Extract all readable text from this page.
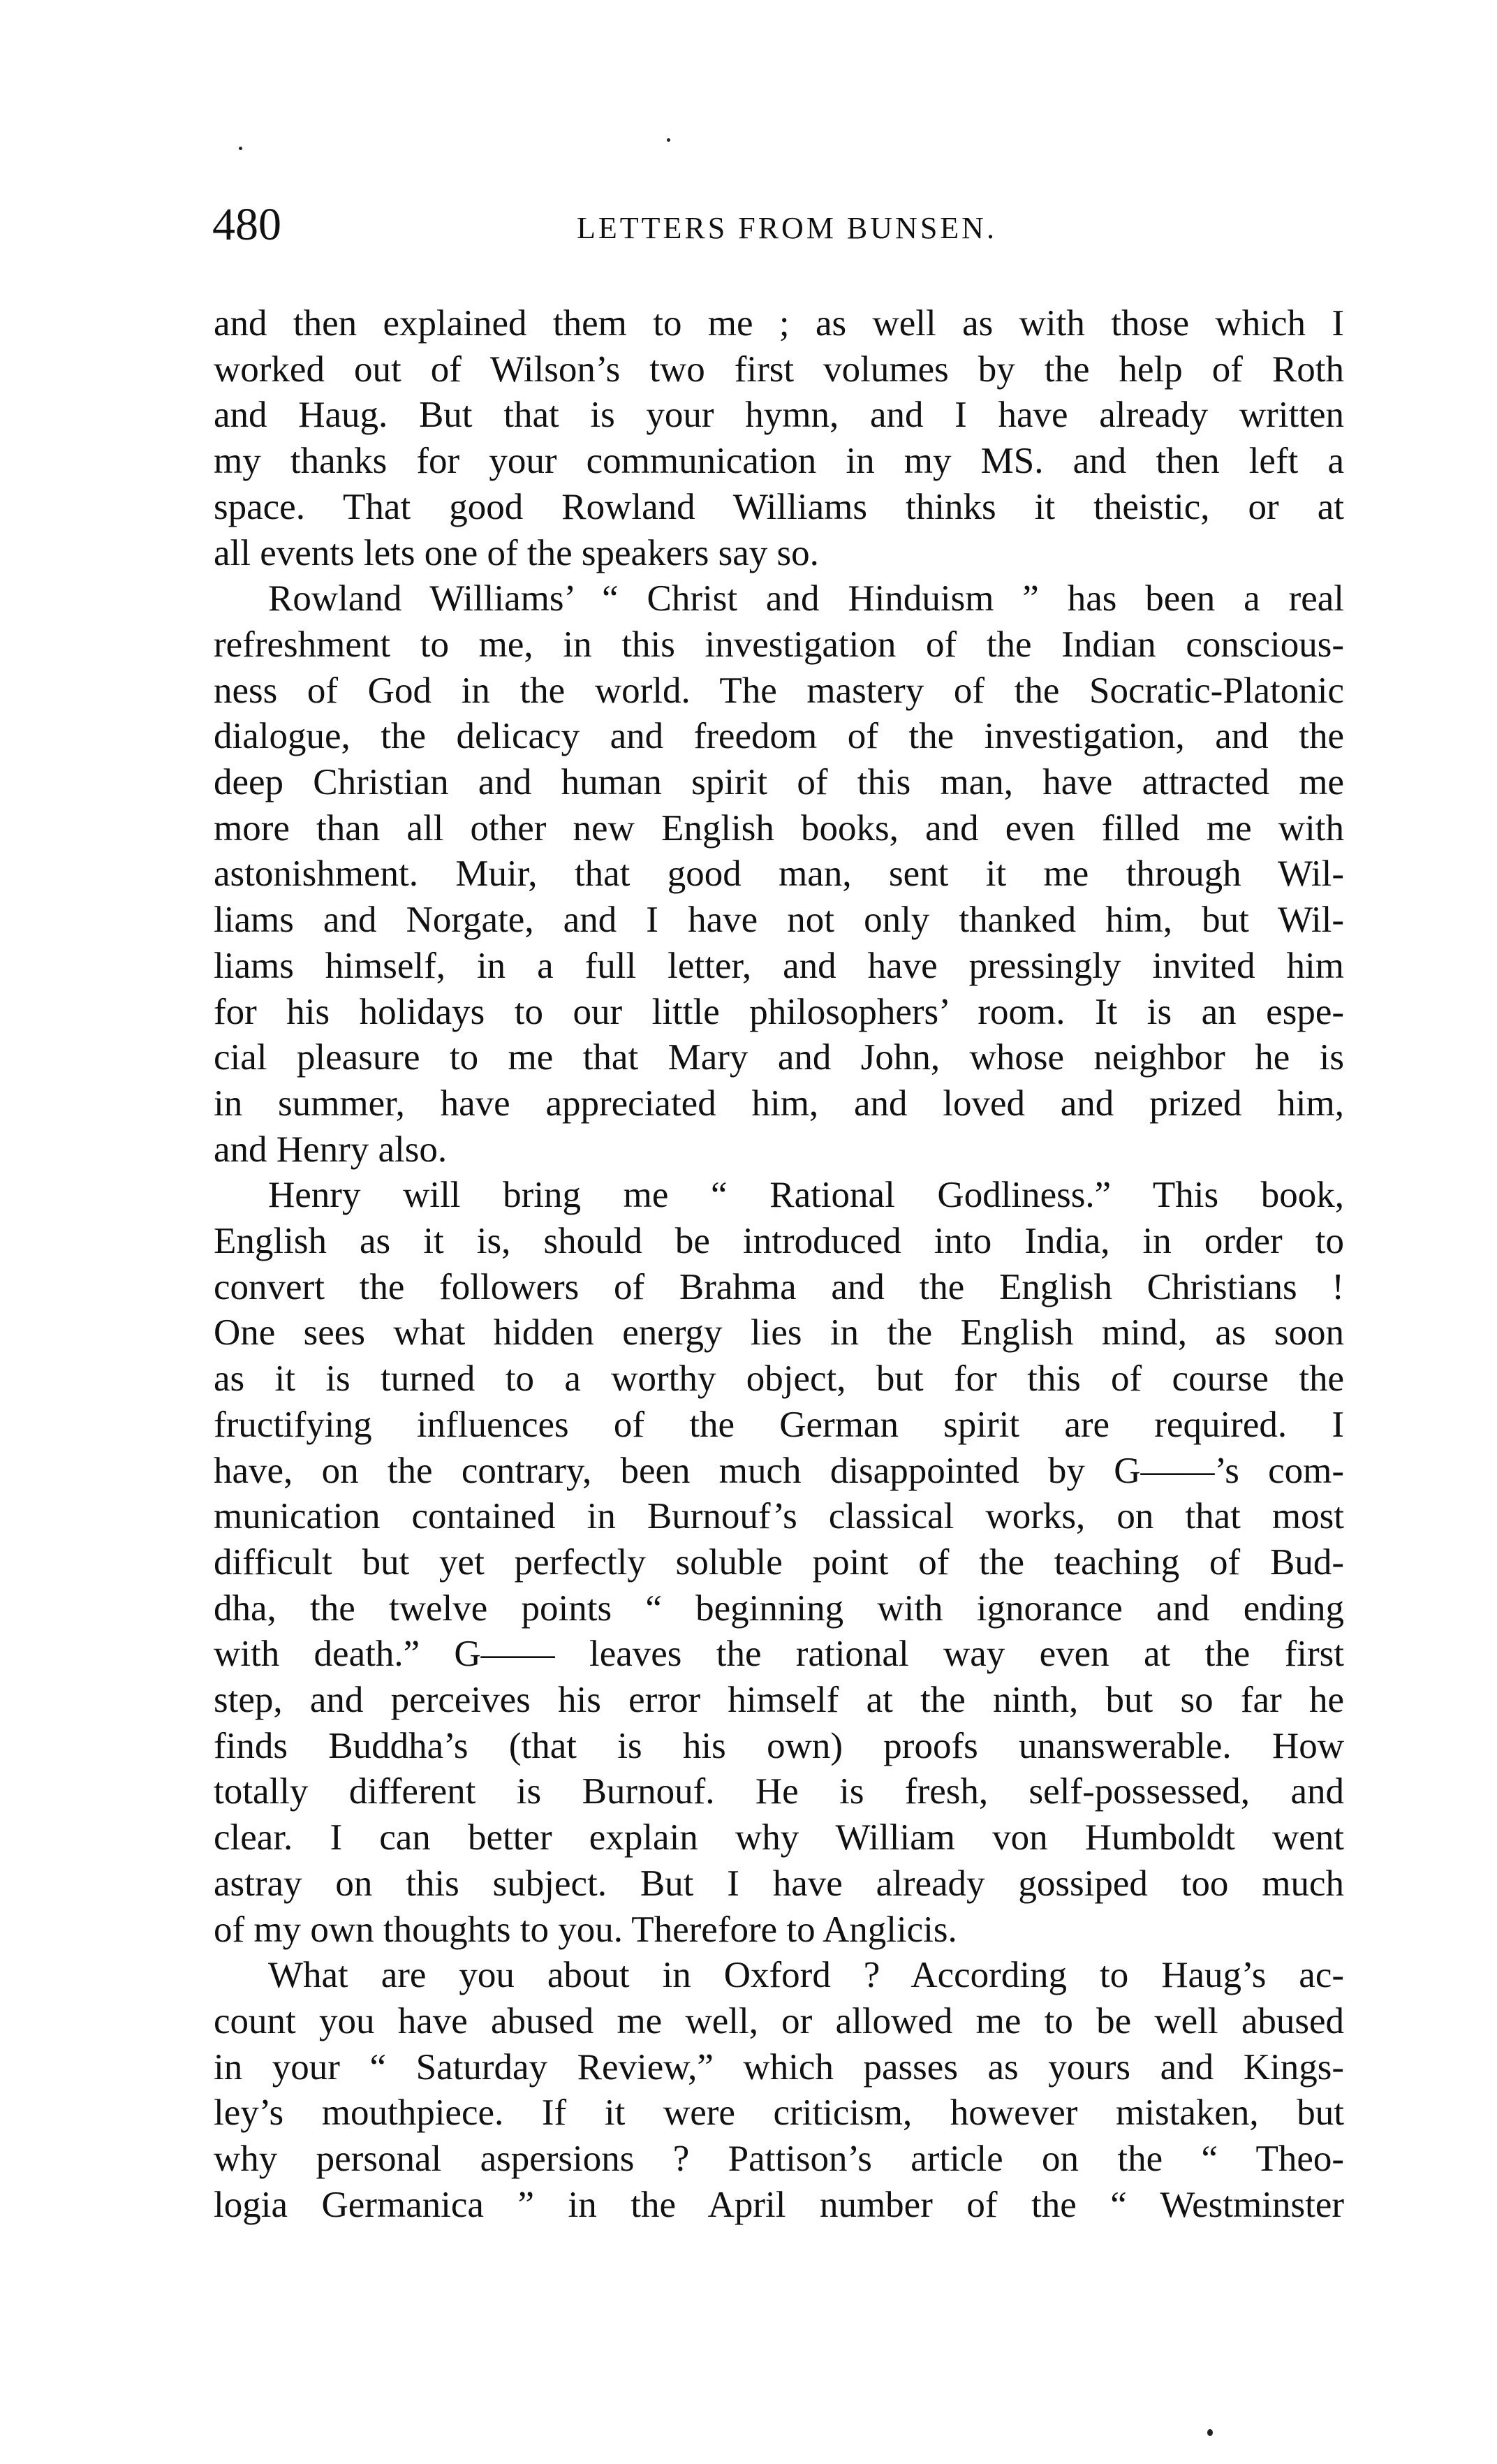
480	LETTERS FROM BUNSEN.
and then explained them to me ; as well as with those which I
worked out of Wilson’s two first volumes by the help of Roth
and Haug. But that is your hymn, and I have already written
my thanks for your communication in my MS. and then left a
space. That good Rowland Williams thinks it theistic, or at
all events lets one of the speakers say so.
Rowland Williams’ “ Christ and Hinduism ” has been a real
refreshment to me, in this investigation of the Indian conscious-
ness of God in the world. The mastery of the Socratic-Platonic
dialogue, the delicacy and freedom of the investigation, and the
deep Christian and human spirit of this man, have attracted me
more than all other new English books, and even filled me with
astonishment. Muir, that good man, sent it me through Wil-
liams and Norgate, and I have not only thanked him, but Wil-
liams himself, in a full letter, and have pressingly invited him
for his holidays to our little philosophers’ room. It is an espe-
cial pleasure to me that Mary and John, whose neighbor he is
in summer, have appreciated him, and loved and prized him,
and Henry also.
Henry will bring me “ Rational Godliness.” This book,
English as it is, should be introduced into India, in order to
convert the followers of Brahma and the English Christians !
One sees what hidden energy lies in the English mind, as soon
as it is turned to a worthy object, but for this of course the
fructifying influences of the German spirit are required. I
have, on the contrary, been much disappointed by G——’s com-
munication contained in Burnouf’s classical works, on that most
difficult but yet perfectly soluble point of the teaching of Bud-
dha, the twelve points “ beginning with ignorance and ending
with death.” G—— leaves the rational way even at the first
step, and perceives his error himself at the ninth, but so far he
finds Buddha’s (that is his own) proofs unanswerable. How
totally different is Burnouf. He is fresh, self-possessed, and
clear. I can better explain why William von Humboldt went
astray on this subject. But I have already gossiped too much
of my own thoughts to you. Therefore to Anglicis.
What are you about in Oxford ? According to Haug’s ac-
count you have abused me well, or allowed me to be well abused
in your “ Saturday Review,” which passes as yours and Kings-
ley’s mouthpiece. If it were criticism, however mistaken, but
why personal aspersions ? Pattison’s article on the “ Theo-
logia Germanica ” in the April number of the “ Westminster
